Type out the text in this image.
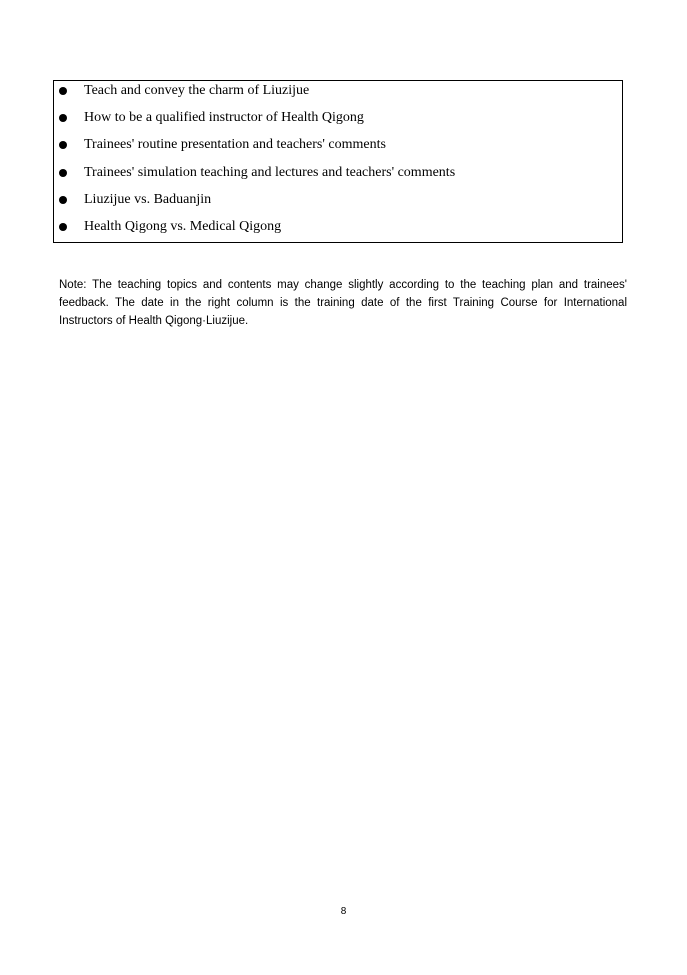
Teach and convey the charm of Liuzijue
How to be a qualified instructor of Health Qigong
Trainees' routine presentation and teachers' comments
Trainees' simulation teaching and lectures and teachers' comments
Liuzijue vs. Baduanjin
Health Qigong vs. Medical Qigong

Note: The teaching topics and contents may change slightly according to the teaching plan and trainees' feedback. The date in the right column is the training date of the first Training Course for International Instructors of Health Qigong·Liuzijue.

8
